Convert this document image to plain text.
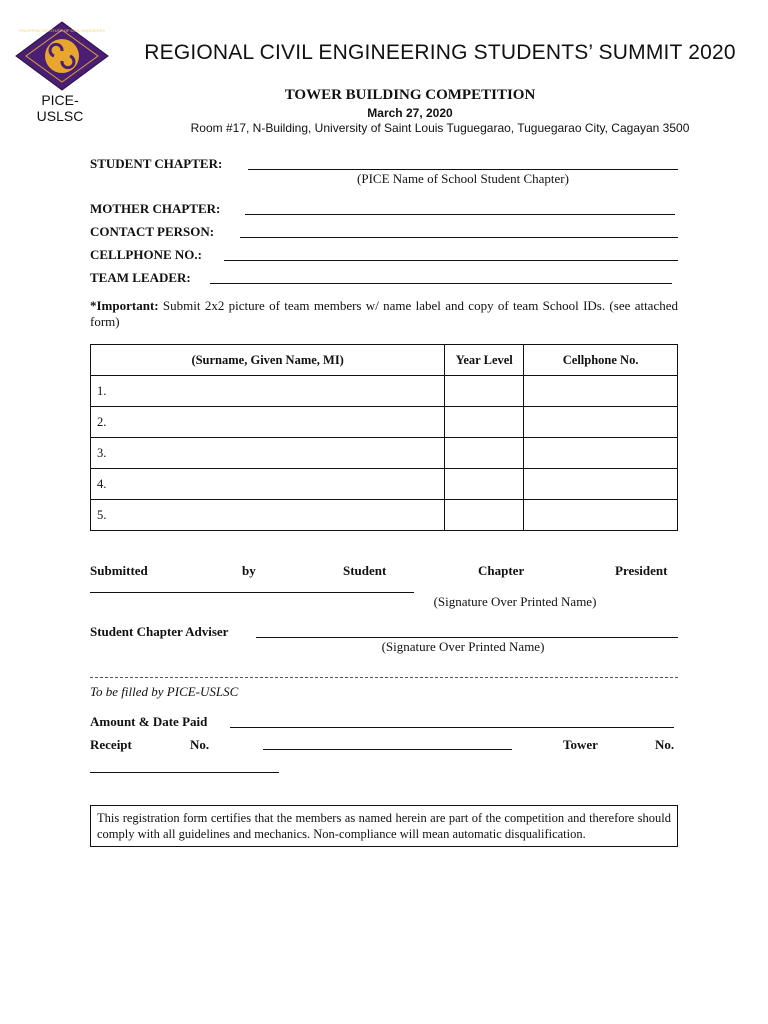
PHILIPPINE INSTITUTE OF CIVIL ENGINEERS
PICE-USLSC
REGIONAL CIVIL ENGINEERING STUDENTS’ SUMMIT 2020
TOWER BUILDING COMPETITION
March 27, 2020
Room #17, N-Building, University of Saint Louis Tuguegarao, Tuguegarao City, Cagayan 3500
STUDENT CHAPTER:
(PICE Name of School Student Chapter)
MOTHER CHAPTER:
CONTACT PERSON:
CELLPHONE NO.:
TEAM LEADER:
*Important: Submit 2x2 picture of team members w/ name label and copy of team School IDs. (see attached form)
(Surname, Given Name, MI)	Year Level	Cellphone No.
1.		
2.		
3.		
4.		
5.		
Submitted	by	Student	Chapter	President
(Signature Over Printed Name)
Student Chapter Adviser
(Signature Over Printed Name)
To be filled by PICE-USLSC
Amount & Date Paid
Receipt	No.	Tower	No.
This registration form certifies that the members as named herein are part of the competition and therefore should comply with all guidelines and mechanics. Non-compliance will mean automatic disqualification.
